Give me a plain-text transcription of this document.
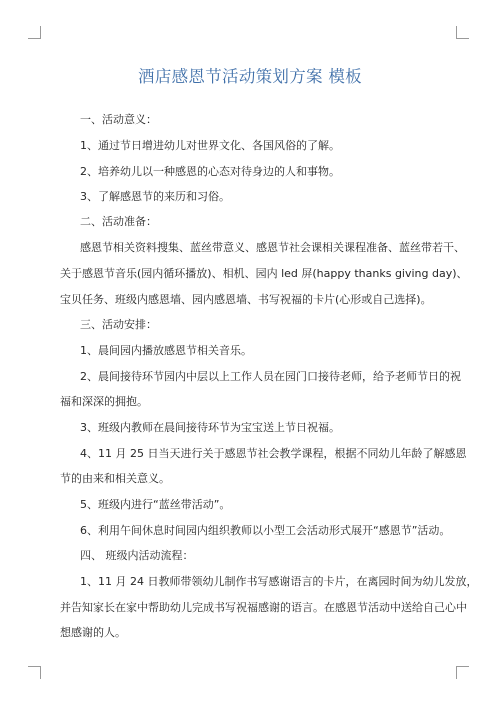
酒店感恩节活动策划方案 模板
一、活动意义：
1、通过节日增进幼儿对世界文化、各国风俗的了解。
2、培养幼儿以一种感恩的心态对待身边的人和事物。
3、了解感恩节的来历和习俗。
二、活动准备：
感恩节相关资料搜集、蓝丝带意义、感恩节社会课相关课程准备、蓝丝带若干、
关于感恩节音乐(园内循环播放)、相机、园内 led 屏(happy thanks giving day)、
宝贝任务、班级内感恩墙、园内感恩墙、书写祝福的卡片(心形或自己选择)。
三、活动安排：
1、晨间园内播放感恩节相关音乐。
2、晨间接待环节园内中层以上工作人员在园门口接待老师，给予老师节日的祝
福和深深的拥抱。
3、班级内教师在晨间接待环节为宝宝送上节日祝福。
4、11 月 25 日当天进行关于感恩节社会教学课程，根据不同幼儿年龄了解感恩
节的由来和相关意义。
5、班级内进行“蓝丝带活动”。
6、利用午间休息时间园内组织教师以小型工会活动形式展开“感恩节”活动。
四、 班级内活动流程：
1、11 月 24 日教师带领幼儿制作书写感谢语言的卡片，在离园时间为幼儿发放，
并告知家长在家中帮助幼儿完成书写祝福感谢的语言。在感恩节活动中送给自己心中
想感谢的人。
